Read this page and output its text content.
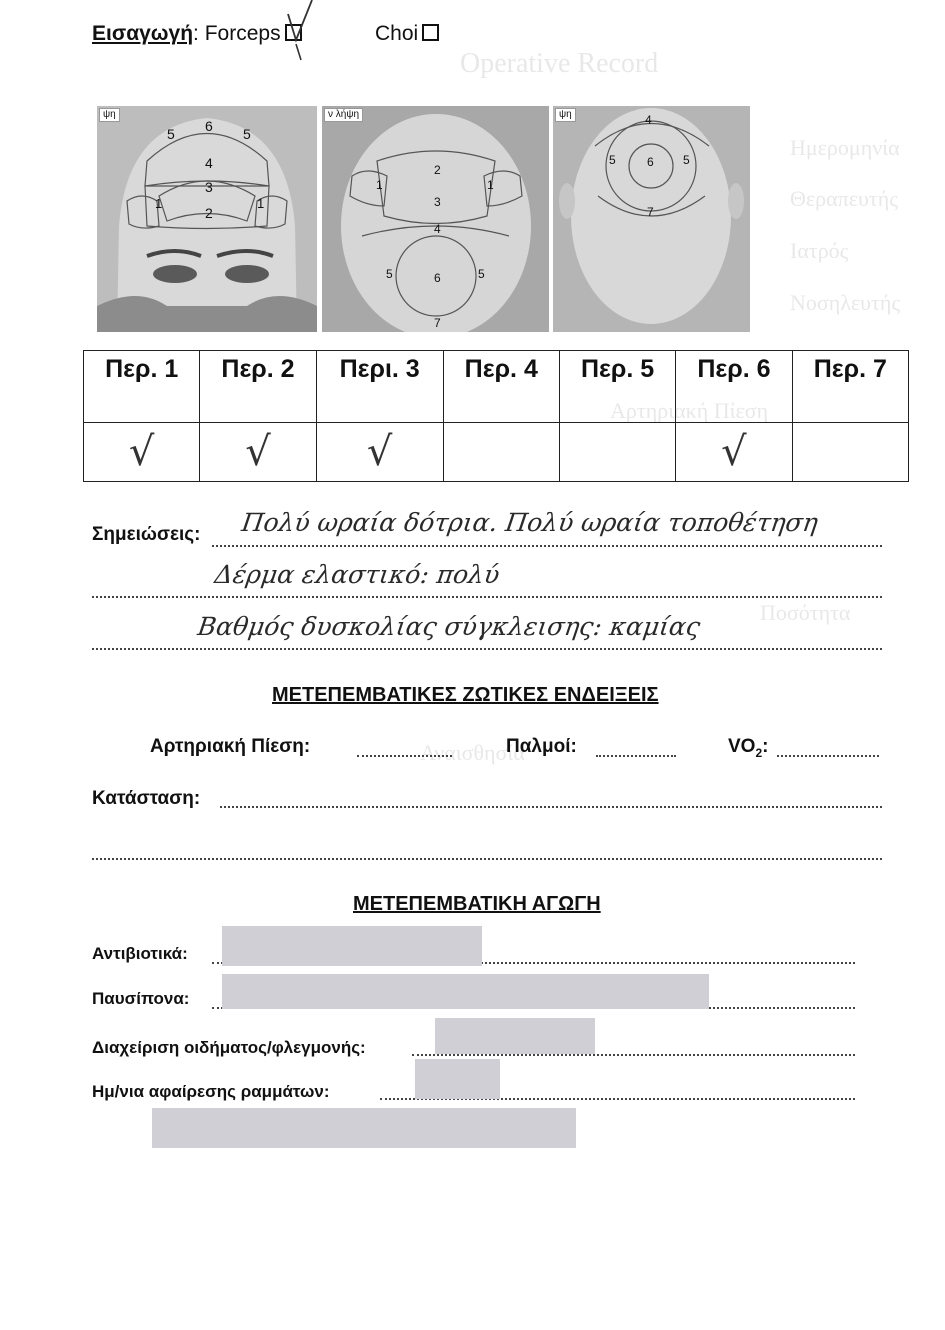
Operative Record
Ημερομηνία
Θεραπευτής
Ιατρός
Νοσηλευτής
Αρτηριακή Πίεση
Ποσότητα
Αναισθησία
Εισαγωγή: Forceps	Choi
6
5	5
4
3
2
1	1
ψη
2
1	1
3
4
5	6	5
7
ν λήψη	4
5	6 5
7
ψη
Περ. 1	Περ. 2	Περι. 3	Περ. 4	Περ. 5	Περ. 6	Περ. 7
√	√	√			√	
Σημειώσεις: Πολύ ωραία δότρια. Πολύ ωραία τοποθέτηση
Δέρμα ελαστικό: πολύ
Βαθμός δυσκολίας σύγκλεισης: καμίας
ΜΕΤΕΠΕΜΒΑΤΙΚΕΣ ΖΩΤΙΚΕΣ ΕΝΔΕΙΞΕΙΣ
Αρτηριακή Πίεση:	Παλμοί:	$VO_2$:
Κατάσταση:
ΜΕΤΕΠΕΜΒΑΤΙΚΗ ΑΓΩΓΗ
Αντιβιοτικά:
Παυσίπονα:
Διαχείριση οιδήματος/φλεγμονής:
Ημ/νια αφαίρεσης ραμμάτων:
